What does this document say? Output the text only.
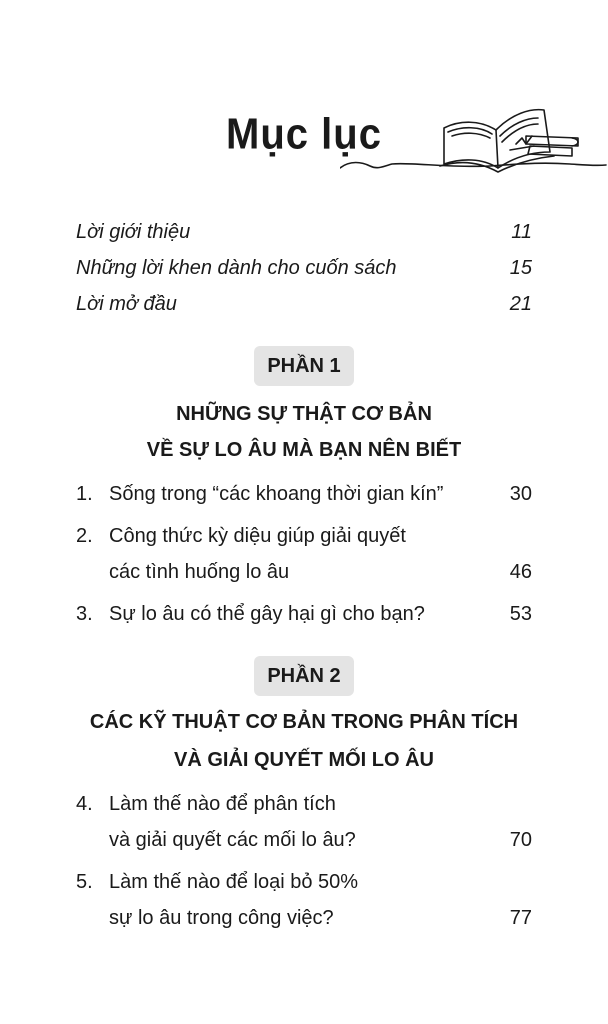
Mục lục
Lời giới thiệu	11
Những lời khen dành cho cuốn sách	15
Lời mở đầu	21
PHẦN 1

NHỮNG SỰ THẬT CƠ BẢN

VỀ SỰ LO ÂU MÀ BẠN NÊN BIẾT

1. Sống trong “các khoang thời gian kín”	30
2. Công thức kỳ diệu giúp giải quyết
các tình huống lo âu	46
3. Sự lo âu có thể gây hại gì cho bạn?	53
PHẦN 2

CÁC KỸ THUẬT CƠ BẢN TRONG PHÂN TÍCH

VÀ GIẢI QUYẾT MỐI LO ÂU

4. Làm thế nào để phân tích
và giải quyết các mối lo âu?	70
5. Làm thế nào để loại bỏ 50%
sự lo âu trong công việc?	77
